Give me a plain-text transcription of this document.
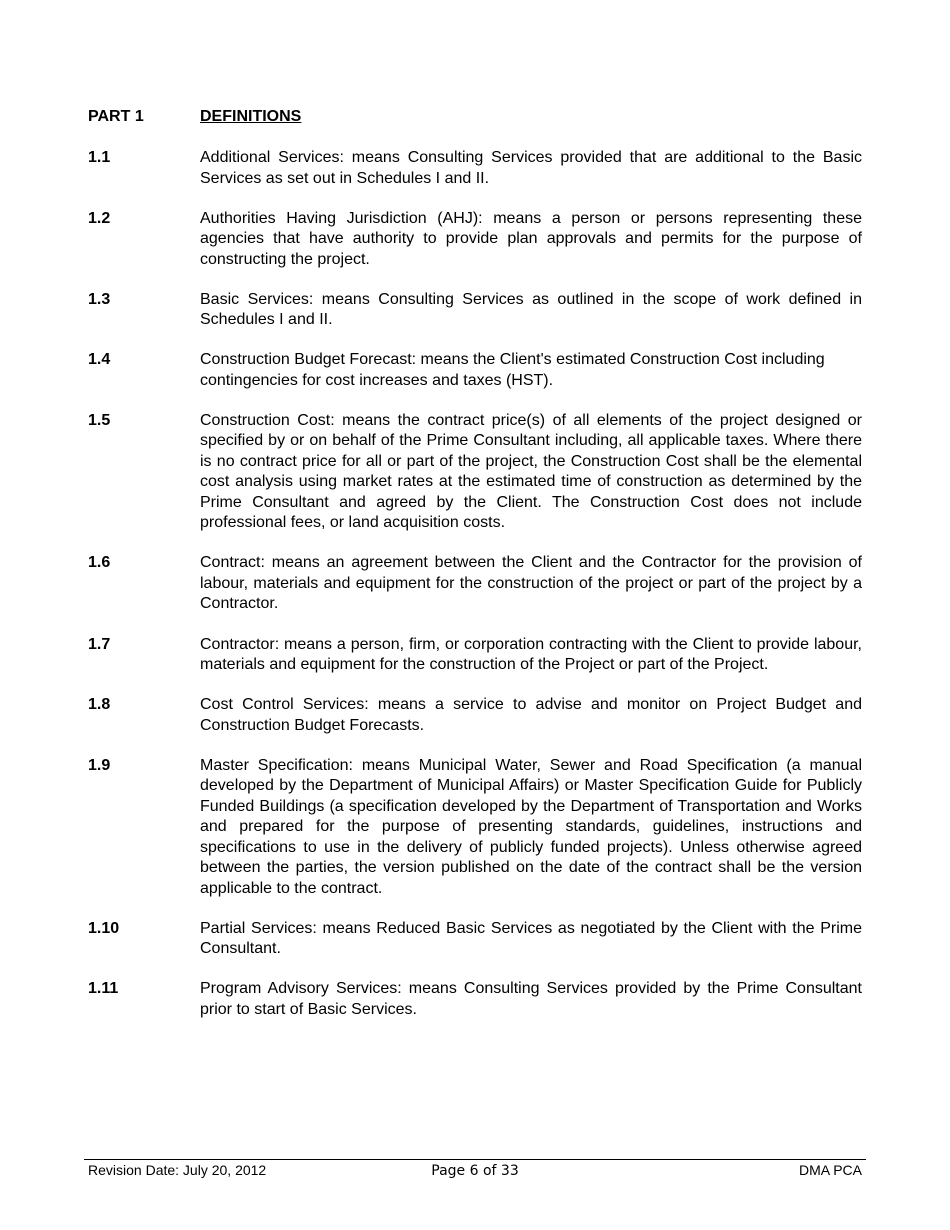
PART 1	DEFINITIONS
1.1	Additional Services: means Consulting Services provided that are additional to the Basic Services as set out in Schedules I and II.
1.2	Authorities Having Jurisdiction (AHJ): means a person or persons representing these agencies that have authority to provide plan approvals and permits for the purpose of constructing the project.
1.3	Basic Services: means Consulting Services as outlined in the scope of work defined in Schedules I and II.
1.4	Construction Budget Forecast: means the Client's estimated Construction Cost including contingencies for cost increases and taxes (HST).
1.5	Construction Cost: means the contract price(s) of all elements of the project designed or specified by or on behalf of the Prime Consultant including, all applicable taxes. Where there is no contract price for all or part of the project, the Construction Cost shall be the elemental cost analysis using market rates at the estimated time of construction as determined by the Prime Consultant and agreed by the Client. The Construction Cost does not include professional fees, or land acquisition costs.
1.6	Contract: means an agreement between the Client and the Contractor for the provision of labour, materials and equipment for the construction of the project or part of the project by a Contractor.
1.7	Contractor: means a person, firm, or corporation contracting with the Client to provide labour, materials and equipment for the construction of the Project or part of the Project.
1.8	Cost Control Services: means a service to advise and monitor on Project Budget and Construction Budget Forecasts.
1.9	Master Specification: means Municipal Water, Sewer and Road Specification (a manual developed by the Department of Municipal Affairs) or Master Specification Guide for Publicly Funded Buildings (a specification developed by the Department of Transportation and Works and prepared for the purpose of presenting standards, guidelines, instructions and specifications to use in the delivery of publicly funded projects). Unless otherwise agreed between the parties, the version published on the date of the contract shall be the version applicable to the contract.
1.10	Partial Services: means Reduced Basic Services as negotiated by the Client with the Prime Consultant.
1.11	Program Advisory Services: means Consulting Services provided by the Prime Consultant prior to start of Basic Services.
Revision Date: July 20, 2012	Page 6 of 33	DMA PCA
